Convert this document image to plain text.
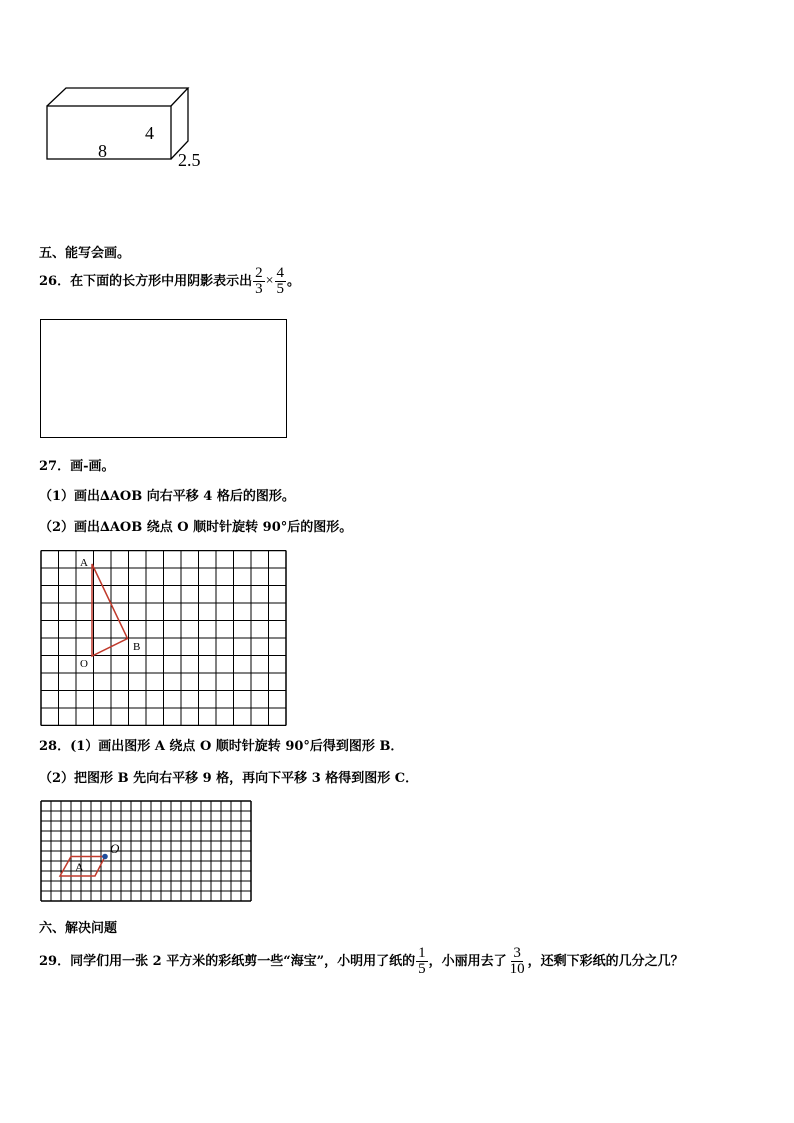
8
4
2.5
五、能写会画。
26．在下面的长方形中用阴影表示出 $\frac{2}{3} \times \frac{4}{5}$ 。
27．画-画。
（1）画出∆AOB 向右平移 4 格后的图形。
（2）画出∆AOB 绕点 O 顺时针旋转 90°后的图形。
A
B
O
28．(1）画出图形 A 绕点 O 顺时针旋转 90°后得到图形 B．
（2）把图形 B 先向右平移 9 格，再向下平移 3 格得到图形 C．
A
O
六、解决问题
29．同学们用一张 2 平方米的彩纸剪一些“海宝”，小明用了纸的 $\frac{1}{5}$ ，小丽用去了 $\frac{3}{10}$ ，还剩下彩纸的几分之几？
